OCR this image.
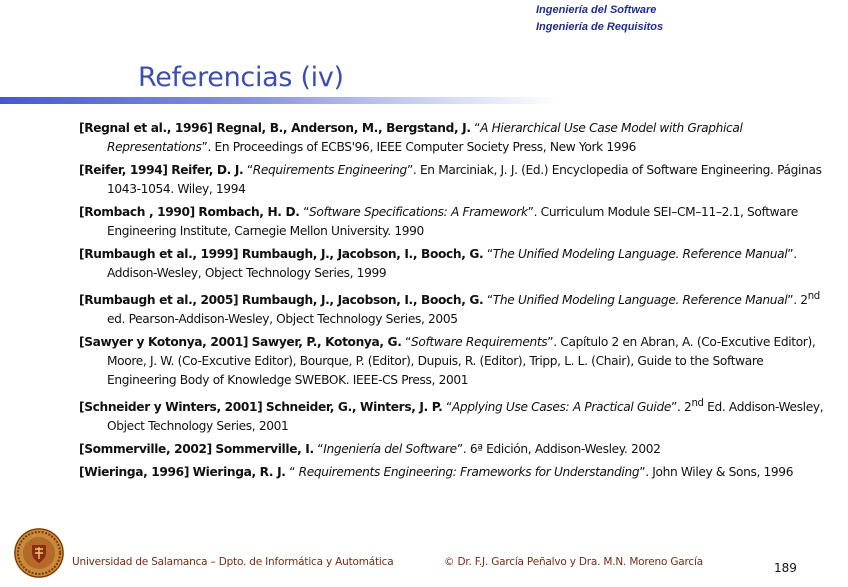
Ingeniería del Software
Ingeniería de Requisitos
Referencias (iv)

[Regnal et al., 1996] Regnal, B., Anderson, M., Bergstand, J. “A Hierarchical Use Case Model with Graphical Representations”. En Proceedings of ECBS'96, IEEE Computer Society Press, New York 1996

[Reifer, 1994] Reifer, D. J. “Requirements Engineering”. En Marciniak, J. J. (Ed.) Encyclopedia of Software Engineering. Páginas 1043-1054. Wiley, 1994

[Rombach , 1990] Rombach, H. D. “Software Specifications: A Framework”. Curriculum Module SEI–CM–11–2.1, Software Engineering Institute, Carnegie Mellon University. 1990

[Rumbaugh et al., 1999] Rumbaugh, J., Jacobson, I., Booch, G. “The Unified Modeling Language. Reference Manual”. Addison-Wesley, Object Technology Series, 1999

[Rumbaugh et al., 2005] Rumbaugh, J., Jacobson, I., Booch, G. “The Unified Modeling Language. Reference Manual”. 2nd ed. Pearson-Addison-Wesley, Object Technology Series, 2005

[Sawyer y Kotonya, 2001] Sawyer, P., Kotonya, G. “Software Requirements”. Capítulo 2 en Abran, A. (Co-Excutive Editor), Moore, J. W. (Co-Excutive Editor), Bourque, P. (Editor), Dupuis, R. (Editor), Tripp, L. L. (Chair), Guide to the Software Engineering Body of Knowledge SWEBOK. IEEE-CS Press, 2001

[Schneider y Winters, 2001] Schneider, G., Winters, J. P. “Applying Use Cases: A Practical Guide”. 2nd Ed. Addison-Wesley, Object Technology Series, 2001

[Sommerville, 2002] Sommerville, I. “Ingeniería del Software”. 6ª Edición, Addison-Wesley. 2002

[Wieringa, 1996] Wieringa, R. J. “ Requirements Engineering: Frameworks for Understanding”. John Wiley & Sons, 1996

Universidad de Salamanca – Dpto. de Informática y Automática	© Dr. F.J. García Peñalvo y Dra. M.N. Moreno García	189
